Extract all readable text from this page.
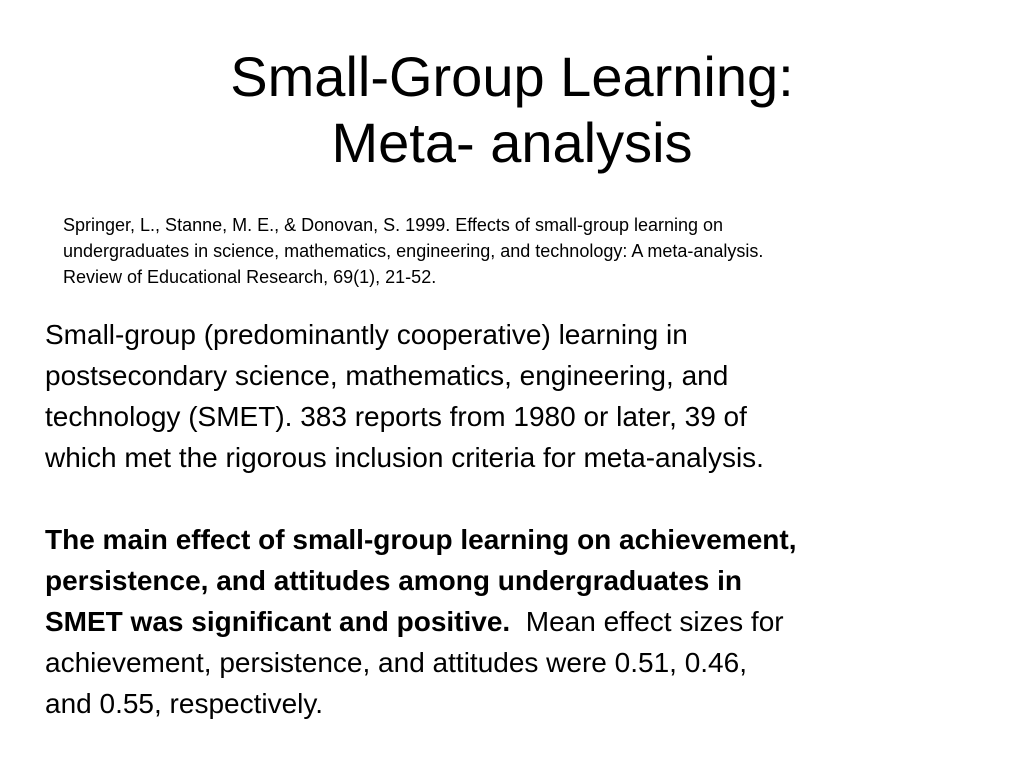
Small-Group Learning:
Meta- analysis
Springer, L., Stanne, M. E., & Donovan, S. 1999. Effects of small-group learning on
undergraduates in science, mathematics, engineering, and technology: A meta-analysis.
Review of Educational Research, 69(1), 21-52.
Small-group (predominantly cooperative) learning in
postsecondary science, mathematics, engineering, and
technology (SMET). 383 reports from 1980 or later, 39 of
which met the rigorous inclusion criteria for meta-analysis.
The main effect of small-group learning on achievement,
persistence, and attitudes among undergraduates in
SMET was significant and positive.  Mean effect sizes for
achievement, persistence, and attitudes were 0.51, 0.46,
and 0.55, respectively.
